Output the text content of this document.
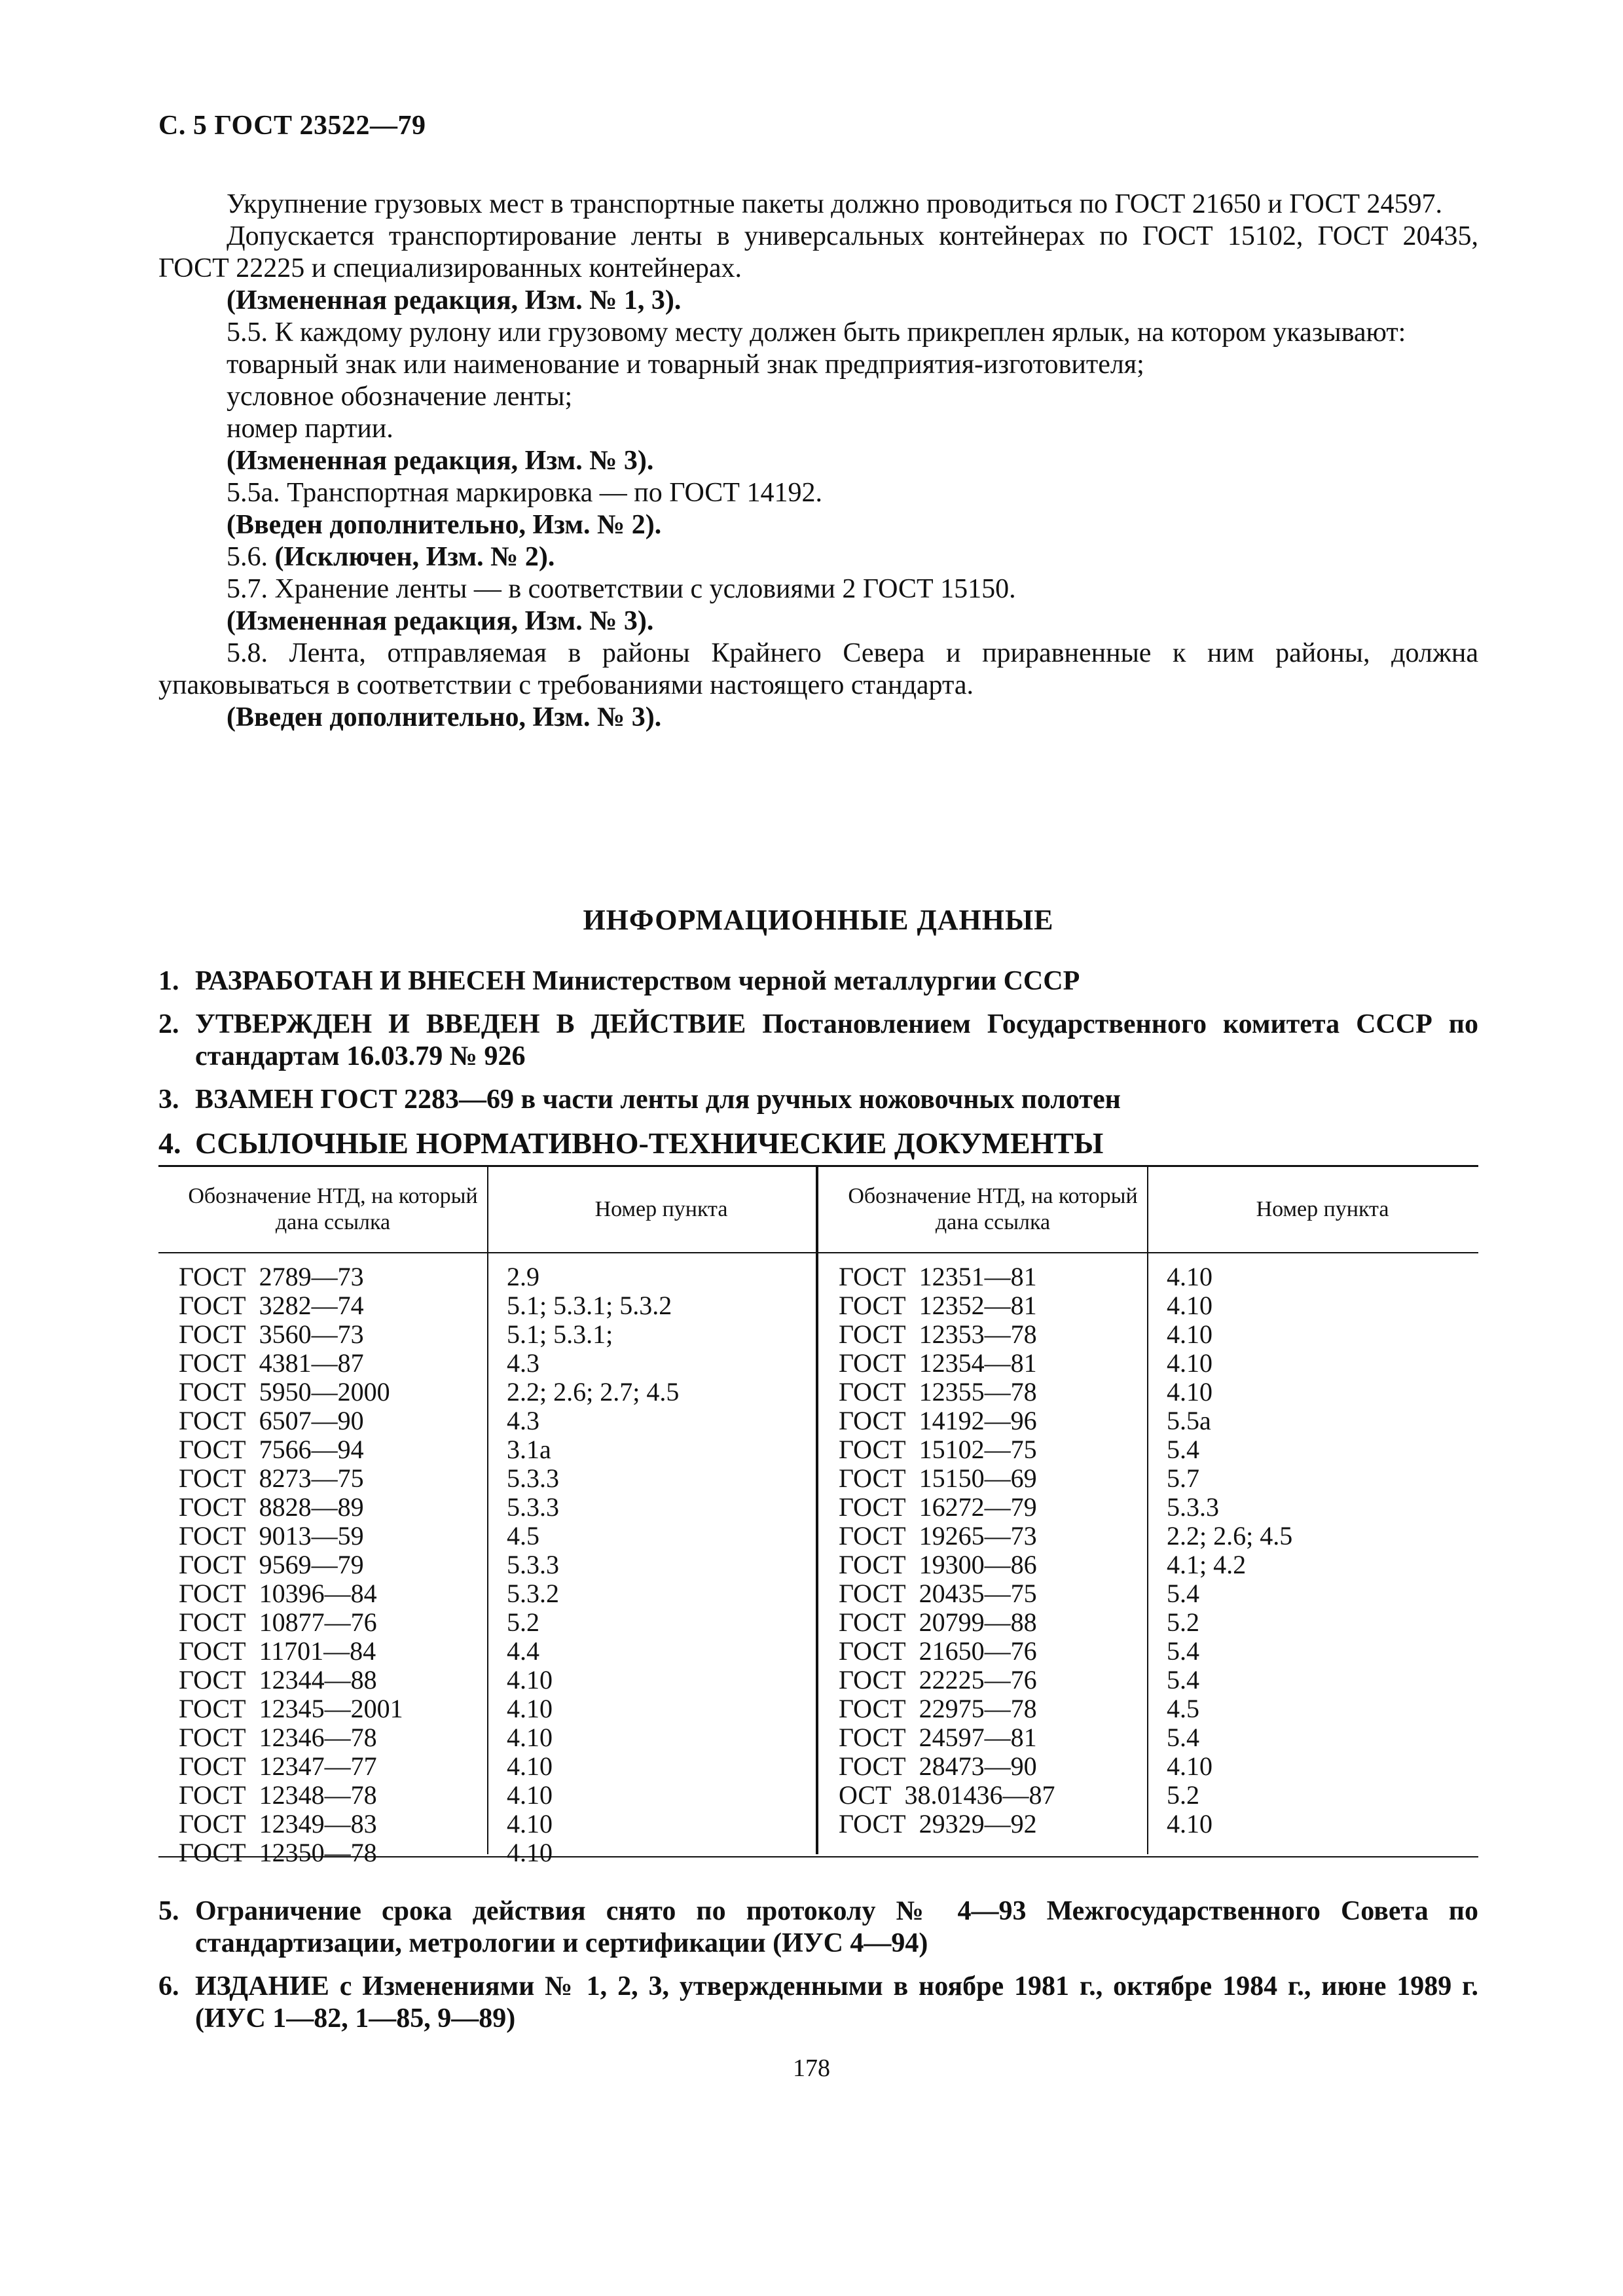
С. 5 ГОСТ 23522—79

Укрупнение грузовых мест в транспортные пакеты должно проводиться по ГОСТ 21650 и ГОСТ 24597.

Допускается транспортирование ленты в универсальных контейнерах по ГОСТ 15102, ГОСТ 20435, ГОСТ 22225 и специализированных контейнерах.

(Измененная редакция, Изм. № 1, 3).

5.5. К каждому рулону или грузовому месту должен быть прикреплен ярлык, на котором указывают:

товарный знак или наименование и товарный знак предприятия-изготовителя;

условное обозначение ленты;

номер партии.

(Измененная редакция, Изм. № 3).

5.5а. Транспортная маркировка — по ГОСТ 14192.

(Введен дополнительно, Изм. № 2).

5.6. (Исключен, Изм. № 2).

5.7. Хранение ленты — в соответствии с условиями 2 ГОСТ 15150.

(Измененная редакция, Изм. № 3).

5.8. Лента, отправляемая в районы Крайнего Севера и приравненные к ним районы, должна упаковываться в соответствии с требованиями настоящего стандарта.

(Введен дополнительно, Изм. № 3).

ИНФОРМАЦИОННЫЕ ДАННЫЕ
1. РАЗРАБОТАН И ВНЕСЕН Министерством черной металлургии СССР
2. УТВЕРЖДЕН И ВВЕДЕН В ДЕЙСТВИЕ Постановлением Государственного комитета СССР по стандартам 16.03.79 № 926
3. ВЗАМЕН ГОСТ 2283—69 в части ленты для ручных ножовочных полотен
4. ССЫЛОЧНЫЕ НОРМАТИВНО-ТЕХНИЧЕСКИЕ ДОКУМЕНТЫ
Обозначение НТД, на который дана ссылка
Номер пункта
Обозначение НТД, на который дана ссылка
Номер пункта
ГОСТ  2789—73
ГОСТ  3282—74
ГОСТ  3560—73
ГОСТ  4381—87
ГОСТ  5950—2000
ГОСТ  6507—90
ГОСТ  7566—94
ГОСТ  8273—75
ГОСТ  8828—89
ГОСТ  9013—59
ГОСТ  9569—79
ГОСТ  10396—84
ГОСТ  10877—76
ГОСТ  11701—84
ГОСТ  12344—88
ГОСТ  12345—2001
ГОСТ  12346—78
ГОСТ  12347—77
ГОСТ  12348—78
ГОСТ  12349—83
ГОСТ  12350—78
2.9
5.1; 5.3.1; 5.3.2
5.1; 5.3.1;
4.3
2.2; 2.6; 2.7; 4.5
4.3
3.1а
5.3.3
5.3.3
4.5
5.3.3
5.3.2
5.2
4.4
4.10
4.10
4.10
4.10
4.10
4.10
4.10
ГОСТ  12351—81
ГОСТ  12352—81
ГОСТ  12353—78
ГОСТ  12354—81
ГОСТ  12355—78
ГОСТ  14192—96
ГОСТ  15102—75
ГОСТ  15150—69
ГОСТ  16272—79
ГОСТ  19265—73
ГОСТ  19300—86
ГОСТ  20435—75
ГОСТ  20799—88
ГОСТ  21650—76
ГОСТ  22225—76
ГОСТ  22975—78
ГОСТ  24597—81
ГОСТ  28473—90
ОСТ  38.01436—87
ГОСТ  29329—92
4.10
4.10
4.10
4.10
4.10
5.5а
5.4
5.7
5.3.3
2.2; 2.6; 4.5
4.1; 4.2
5.4
5.2
5.4
5.4
4.5
5.4
4.10
5.2
4.10
5. Ограничение срока действия снято по протоколу № 4—93 Межгосударственного Совета по стандартизации, метрологии и сертификации (ИУС 4—94)
6. ИЗДАНИЕ с Изменениями № 1, 2, 3, утвержденными в ноябре 1981 г., октябре 1984 г., июне 1989 г. (ИУС 1—82, 1—85, 9—89)
178
